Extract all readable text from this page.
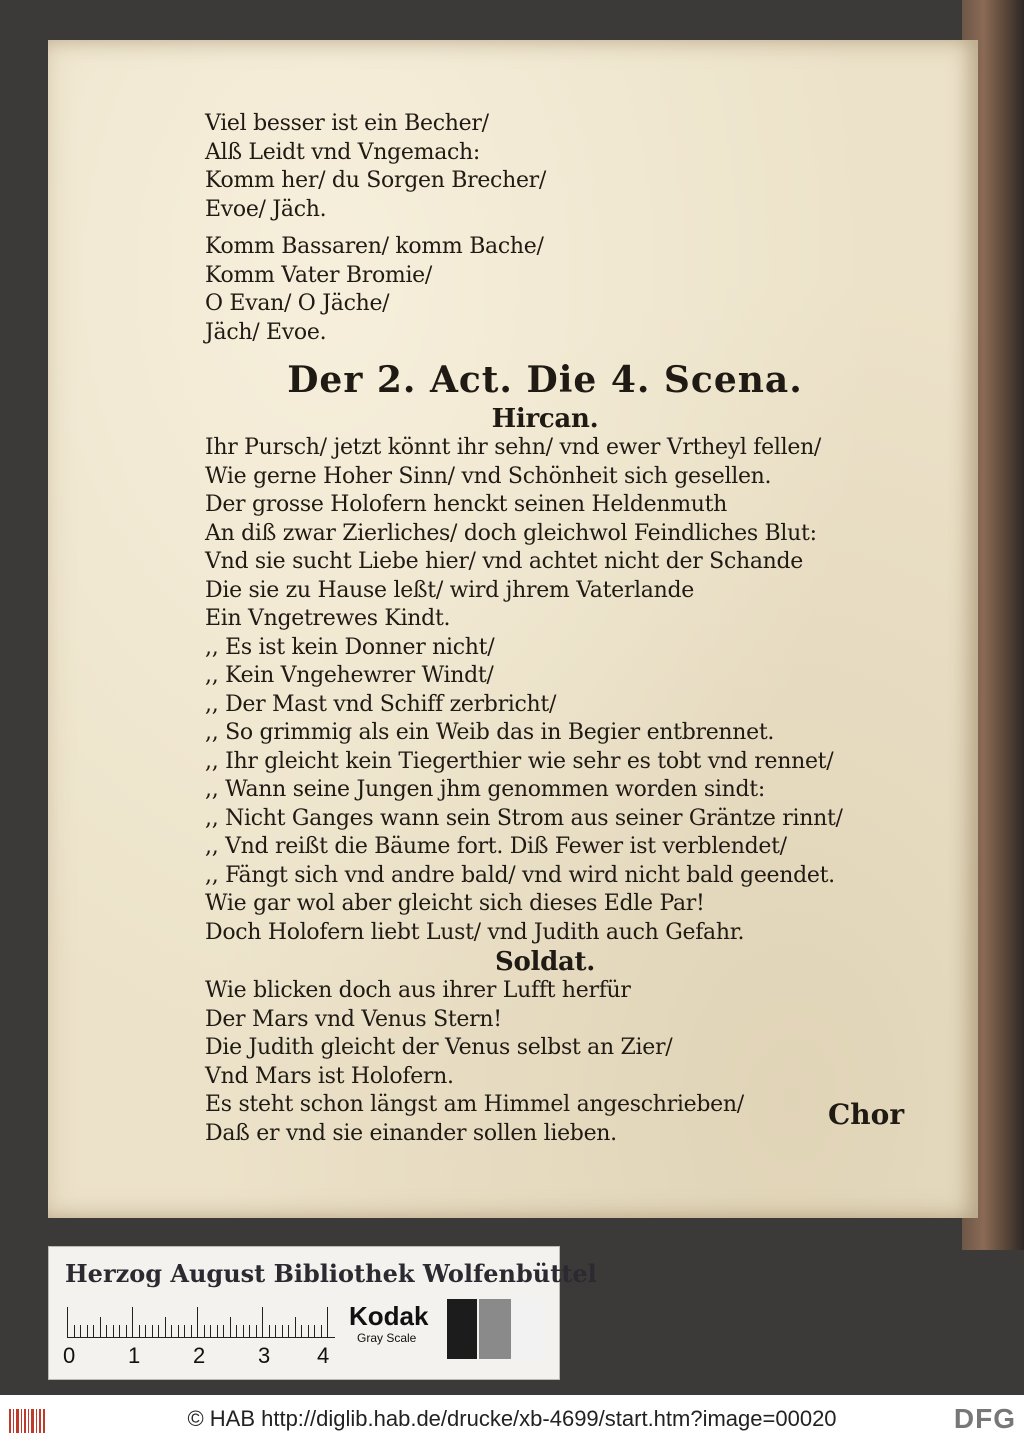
Viel besser ist ein Becher/

Alß Leidt vnd Vngemach:

Komm her/ du Sorgen Brecher/

Evoe/ Jäch.

Komm Bassaren/ komm Bache/

Komm Vater Bromie/

O Evan/ O Jäche/

Jäch/ Evoe.

Der 2. Act. Die 4. Scena.
Hircan.

Ihr Pursch/ jetzt könnt ihr sehn/ vnd ewer Vrtheyl fellen/

Wie gerne Hoher Sinn/ vnd Schönheit sich gesellen.

Der grosse Holofern henckt seinen Heldenmuth

An diß zwar Zierliches/ doch gleichwol Feindliches Blut:

Vnd sie sucht Liebe hier/ vnd achtet nicht der Schande

Die sie zu Hause leßt/ wird jhrem Vaterlande

Ein Vngetrewes Kindt.

,, Es ist kein Donner nicht/

,, Kein Vngehewrer Windt/

,, Der Mast vnd Schiff zerbricht/

,, So grimmig als ein Weib das in Begier entbrennet.

,, Ihr gleicht kein Tiegerthier wie sehr es tobt vnd rennet/

,, Wann seine Jungen jhm genommen worden sindt:

,, Nicht Ganges wann sein Strom aus seiner Gräntze rinnt/

,, Vnd reißt die Bäume fort. Diß Fewer ist verblendet/

,, Fängt sich vnd andre bald/ vnd wird nicht bald geendet.

Wie gar wol aber gleicht sich dieses Edle Par!

Doch Holofern liebt Lust/ vnd Judith auch Gefahr.

Soldat.

Wie blicken doch aus ihrer Lufft herfür

Der Mars vnd Venus Stern!

Die Judith gleicht der Venus selbst an Zier/

Vnd Mars ist Holofern.

Es steht schon längst am Himmel angeschrieben/

Daß er vnd sie einander sollen lieben.

Chor
Herzog August Bibliothek Wolfenbüttel
0 1 2 3 4
Kodak
Gray Scale
© HAB http://diglib.hab.de/drucke/xb-4699/start.htm?image=00020	DFG
